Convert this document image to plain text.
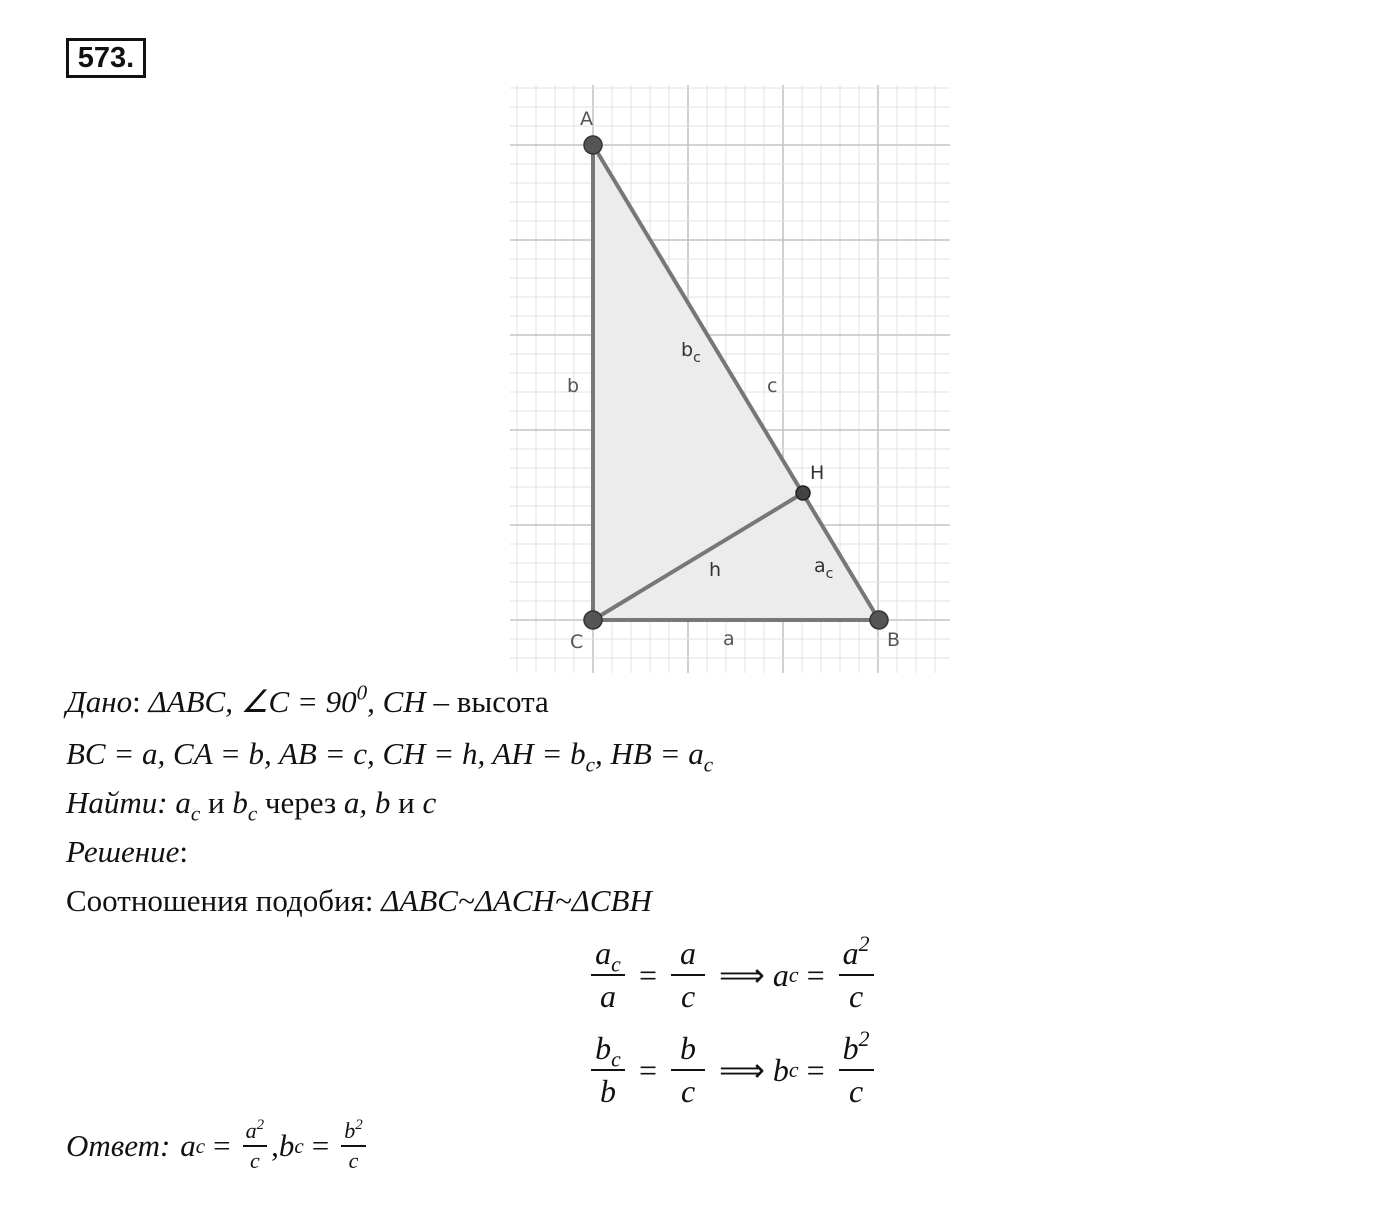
573.
A
C	B
H
b	c
a
h
$b_c$
$a_c$
Дано: ΔABC, ∠C = $90^0$, CH – высота
BC = a, CA = b, AB = c, CH = h, AH = $b_c$, HB = $a_c$
Найти: $a_c$ и $b_c$ через a, b и c
Решение:
Соотношения подобия: ΔABC~ΔACH~ΔCBH
$\frac{a_c}{a} = \frac{a}{c}$ ⟹ a $c = \frac{a^2}{c}$
$\frac{b_c}{b} = \frac{b}{c}$ ⟹ b $c = \frac{b^2}{c}$
Ответ: a $c = \frac{a^2}{c}$ , b $c = \frac{b^2}{c}$
